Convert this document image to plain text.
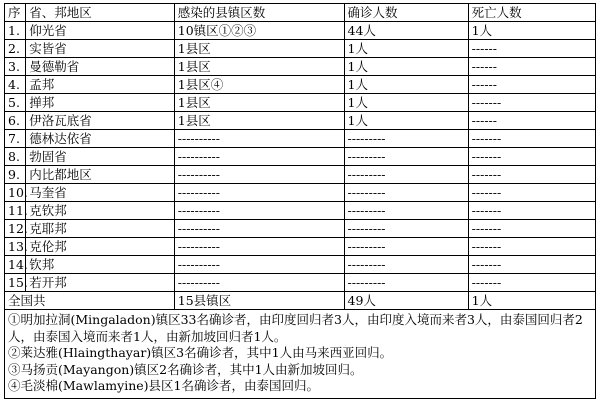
序	省、邦地区	感染的县镇区数	确诊人数	死亡人数
1.	仰光省	10镇区①②③	44人	1人
2.	实皆省	1县区	1人	------
3.	曼德勒省	1县区	1人	------
4.	孟邦	1县区④	1人	------
5.	掸邦	1县区	1人	-------
6.	伊洛瓦底省	1县区	1人	------
7.	德林达依省	----------	---------	-------
8.	勃固省	----------	---------	-------
9.	内比都地区	----------	---------	-------
10.	马奎省	----------	---------	-------
11.	克钦邦	----------	---------	-------
12.	克耶邦	----------	---------	-------
13.	克伦邦	----------	---------	-------
14.	钦邦	----------	---------	-------
15.	若开邦	----------	---------	-------
全国共		15县镇区	49人	1人

①明加拉洞(Mingaladon)镇区33名确诊者，由印度回归者3人，由印度入境而来者3人，由泰国回归者2人，由泰国入境而来者1人，由新加坡回归者1人。
②莱达雅(Hlaingthayar)镇区3名确诊者，其中1人由马来西亚回归。
③马扬贡(Mayangon)镇区2名确诊者，其中1人由新加坡回归。
④毛淡棉(Mawlamyine)县区1名确诊者，由泰国回归。				
